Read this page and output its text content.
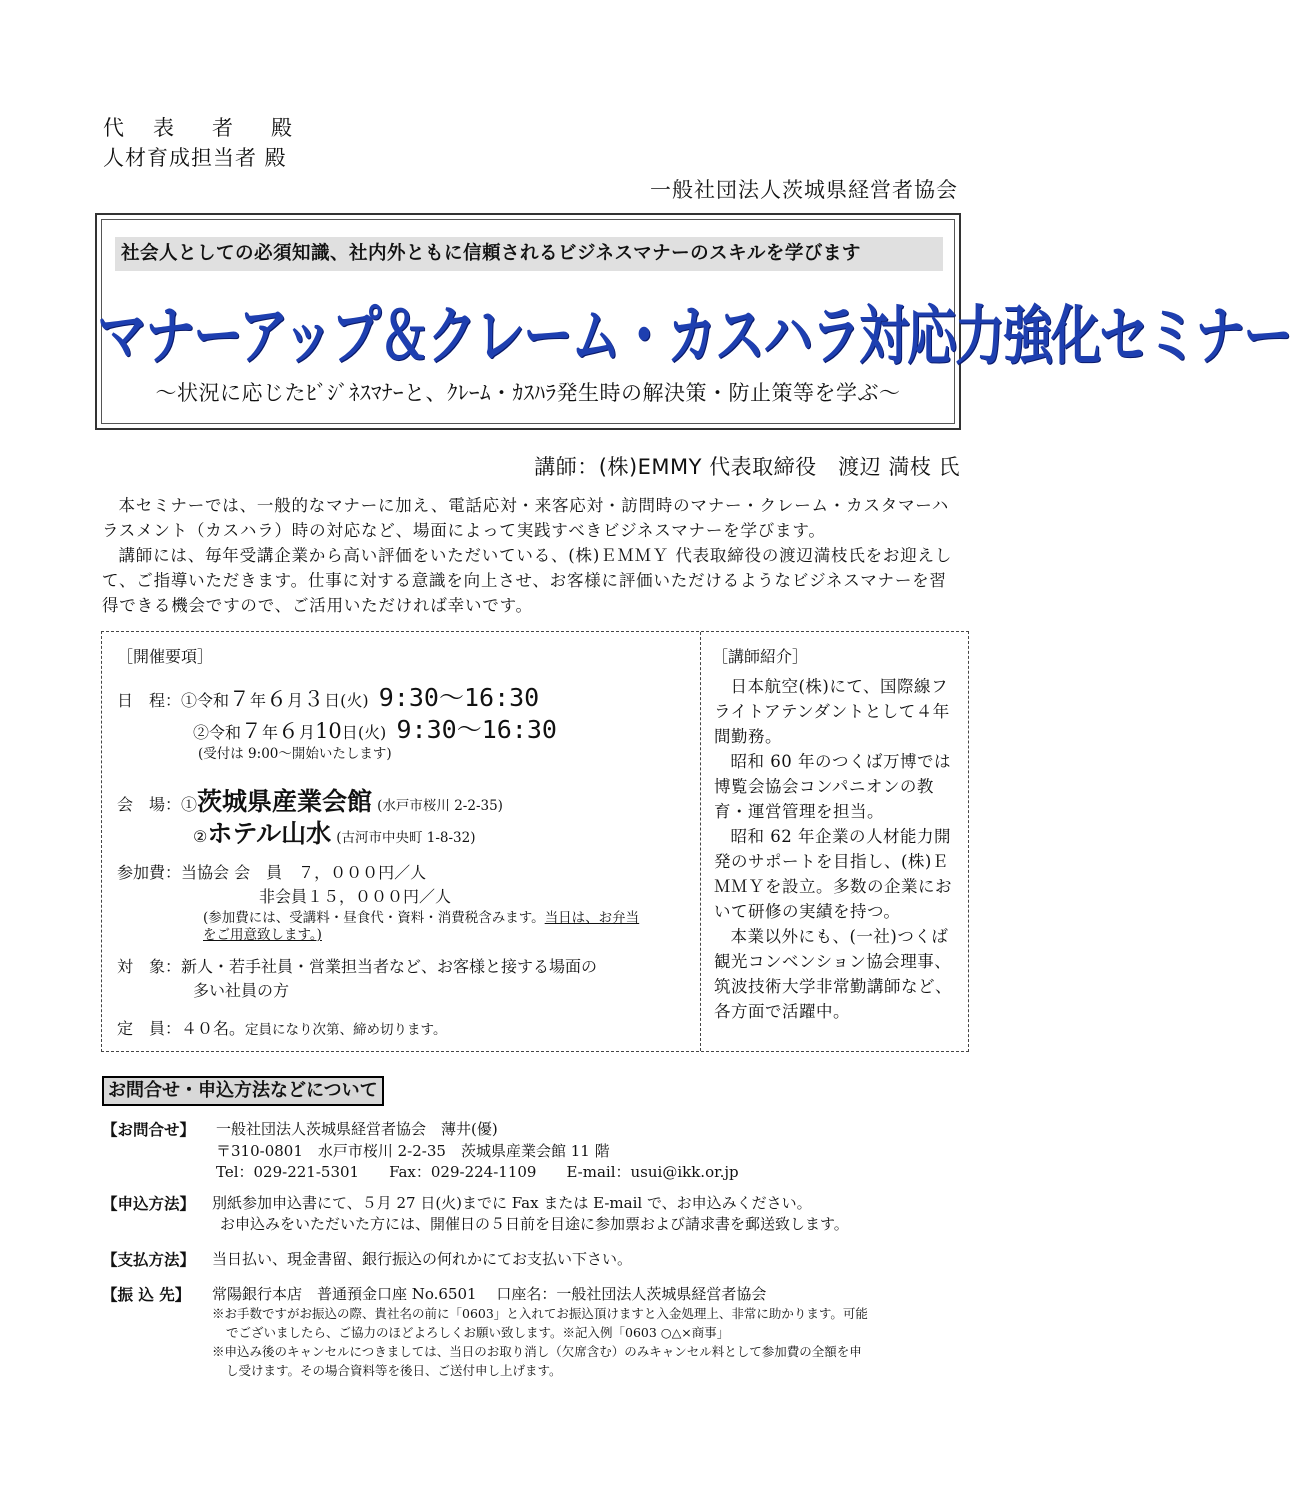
代 表 者 殿
人材育成担当者 殿
一般社団法人茨城県経営者協会
社会人としての必須知識、社内外ともに信頼されるビジネスマナーのスキルを学びます
マナーアップ＆クレーム・カスハラ対応力強化セミナー
～状況に応じたﾋﾞｼﾞﾈｽﾏﾅｰと、ｸﾚｰﾑ・ｶｽﾊﾗ発生時の解決策・防止策等を学ぶ～
講師：(株)EMMY 代表取締役　渡辺 満枝 氏

本セミナーでは、一般的なマナーに加え、電話応対・来客応対・訪問時のマナー・クレーム・カスタマーハラスメント（カスハラ）時の対応など、場面によって実践すべきビジネスマナーを学びます。

講師には、毎年受講企業から高い評価をいただいている、(株)ＥＭＭＹ 代表取締役の渡辺満枝氏をお迎えして、ご指導いただきます。仕事に対する意識を向上させ、お客様に評価いただけるようなビジネスマナーを習得できる機会ですので、ご活用いただければ幸いです。

［開催要項］
日　程：①令和７年６月３日(火) 9:30～16:30
②令和７年６月10日(火) 9:30～16:30
(受付は 9:00～開始いたします)
会　場：①茨城県産業会館 (水戸市桜川 2-2-35)
②ホテル山水 (古河市中央町 1-8-32)
参加費：当協会 会　員　７，０００円／人
非会員１５，０００円／人
(参加費には、受講料・昼食代・資料・消費税含みます。当日は、お弁当
をご用意致します。)
対　象：新人・若手社員・営業担当者など、お客様と接する場面の
多い社員の方
定　員：４０名。定員になり次第、締め切ります。
［講師紹介］

日本航空(株)にて、国際線フライトアテンダントとして４年間勤務。

昭和 60 年のつくば万博では博覧会協会コンパニオンの教育・運営管理を担当。

昭和 62 年企業の人材能力開発のサポートを目指し、(株)ＥＭＭＹを設立。多数の企業において研修の実績を持つ。

本業以外にも、(一社)つくば観光コンベンション協会理事、筑波技術大学非常勤講師など、各方面で活躍中。

お問合せ・申込方法などについて
【お問合せ】	一般社団法人茨城県経営者協会　薄井(優)
〒310-0801　水戸市桜川 2-2-35　茨城県産業会館 11 階
Tel：029-221-5301　　Fax：029-224-1109　　E-mail：usui@ikk.or.jp
【申込方法】	別紙参加申込書にて、５月 27 日(火)までに Fax または E-mail で、お申込みください。
お申込みをいただいた方には、開催日の５日前を目途に参加票および請求書を郵送致します。
【支払方法】	当日払い、現金書留、銀行振込の何れかにてお支払い下さい。
【振 込 先】	常陽銀行本店　普通預金口座 No.6501　 口座名：一般社団法人茨城県経営者協会
※お手数ですがお振込の際、貴社名の前に「0603」と入れてお振込頂けますと入金処理上、非常に助かります。可能
でございましたら、ご協力のほどよろしくお願い致します。※記入例「0603 ○△×商事」
※申込み後のキャンセルにつきましては、当日のお取り消し（欠席含む）のみキャンセル料として参加費の全額を申
し受けます。その場合資料等を後日、ご送付申し上げます。
